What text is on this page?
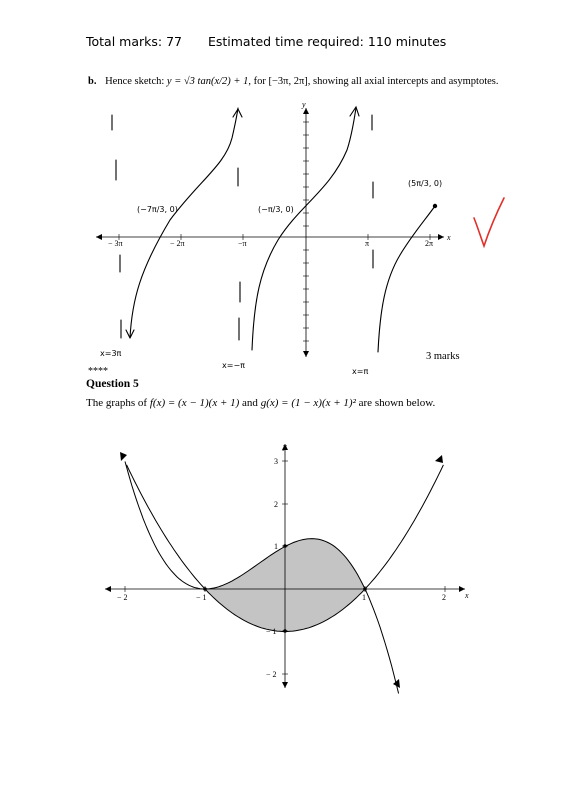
Total marks: 77 Estimated time required: 110 minutes
b. Hence sketch: y = √3 tan(x/2) + 1, for [−3π, 2π], showing all axial intercepts and asymptotes.
x
y
− 3π	− 2π	−π	π	2π
(−7π/3, 0)	(−π/3, 0)
(5π/3, 0)
x=3π
x=−π
x=π
x
y
− 2	− 1	1	2
3
2
1
− 1
− 2
3 marks
****
Question 5
The graphs of f(x) = (x − 1)(x + 1) and g(x) = (1 − x)(x + 1)² are shown below.
